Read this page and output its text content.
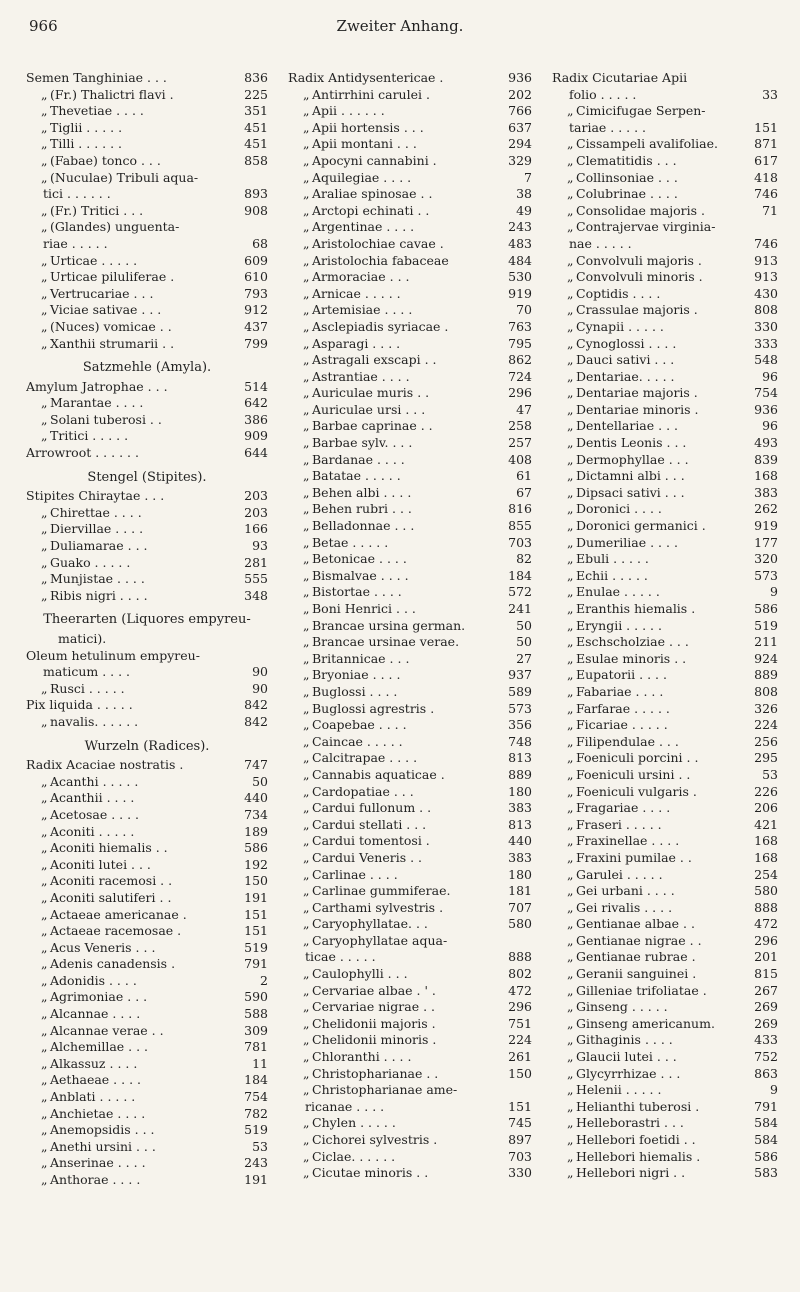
966	Zweiter Anhang.
Semen Tanghiniae . . .	836
„ (Fr.) Thalictri flavi .	225
„ Thevetiae . . . .	351
„ Tiglii . . . . .	451
„ Tilli . . . . . .	451
„ (Fabae) tonco . . .	858
„ (Nuculae) Tribuli aqua-
tici . . . . . .	893
„ (Fr.) Tritici . . .	908
„ (Glandes) unguenta-
riae . . . . .	68
„ Urticae . . . . .	609
„ Urticae piluliferae .	610
„ Vertrucariae . . .	793
„ Viciae sativae . . .	912
„ (Nuces) vomicae . .	437
„ Xanthii strumarii . .	799
Satzmehle (Amyla).
Amylum Jatrophae . . .	514
„ Marantae . . . .	642
„ Solani tuberosi . .	386
„ Tritici . . . . .	909
Arrowroot . . . . . .	644
Stengel (Stipites).
Stipites Chiraytae . . .	203
„ Chirettae . . . .	203
„ Diervillae . . . .	166
„ Duliamarae . . .	93
„ Guako . . . . .	281
„ Munjistae . . . .	555
„ Ribis nigri . . . .	348
Theerarten (Liquores empyreu-
matici).
Oleum hetulinum empyreu-
maticum . . . .	90
„ Rusci . . . . .	90
Pix liquida . . . . .	842
„ navalis. . . . . .	842
Wurzeln (Radices).
Radix Acaciae nostratis .	747
„ Acanthi . . . . .	50
„ Acanthii . . . .	440
„ Acetosae . . . .	734
„ Aconiti . . . . .	189
„ Aconiti hiemalis . .	586
„ Aconiti lutei . . .	192
„ Aconiti racemosi . .	150
„ Aconiti salutiferi . .	191
„ Actaeae americanae .	151
„ Actaeae racemosae .	151
„ Acus Veneris . . .	519
„ Adenis canadensis .	791
„ Adonidis . . . .	2
„ Agrimoniae . . .	590
„ Alcannae . . . .	588
„ Alcannae verae . .	309
„ Alchemillae . . .	781
„ Alkassuz . . . .	11
„ Aethaeae . . . .	184
„ Anblati . . . . .	754
„ Anchietae . . . .	782
„ Anemopsidis . . .	519
„ Anethi ursini . . .	53
„ Anserinae . . . .	243
„ Anthorae . . . .	191
Radix Antidysentericae .	936
„ Antirrhini carulei .	202
„ Apii . . . . . .	766
„ Apii hortensis . . .	637
„ Apii montani . . .	294
„ Apocyni cannabini .	329
„ Aquilegiae . . . .	7
„ Araliae spinosae . .	38
„ Arctopi echinati . .	49
„ Argentinae . . . .	243
„ Aristolochiae cavae .	483
„ Aristolochia fabaceae	484
„ Armoraciae . . .	530
„ Arnicae . . . . .	919
„ Artemisiae . . . .	70
„ Asclepiadis syriacae .	763
„ Asparagi . . . .	795
„ Astragali exscapi . .	862
„ Astrantiae . . . .	724
„ Auriculae muris . .	296
„ Auriculae ursi . . .	47
„ Barbae caprinae . .	258
„ Barbae sylv. . . .	257
„ Bardanae . . . .	408
„ Batatae . . . . .	61
„ Behen albi . . . .	67
„ Behen rubri . . .	816
„ Belladonnae . . .	855
„ Betae . . . . .	703
„ Betonicae . . . .	82
„ Bismalvae . . . .	184
„ Bistortae . . . .	572
„ Boni Henrici . . .	241
„ Brancae ursina german.	50
„ Brancae ursinae verae.	50
„ Britannicae . . .	27
„ Bryoniae . . . .	937
„ Buglossi . . . .	589
„ Buglossi agrestris .	573
„ Coapebae . . . .	356
„ Caincae . . . . .	748
„ Calcitrapae . . . .	813
„ Cannabis aquaticae .	889
„ Cardopatiae . . .	180
„ Cardui fullonum . .	383
„ Cardui stellati . . .	813
„ Cardui tomentosi .	440
„ Cardui Veneris . .	383
„ Carlinae . . . .	180
„ Carlinae gummiferae.	181
„ Carthami sylvestris .	707
„ Caryophyllatae. . .	580
„ Caryophyllatae aqua-
ticae . . . . .	888
„ Caulophylli . . .	802
„ Cervariae albae . ' .	472
„ Cervariae nigrae . .	296
„ Chelidonii majoris .	751
„ Chelidonii minoris .	224
„ Chloranthi . . . .	261
„ Christopharianae . .	150
„ Christopharianae ame-
ricanae . . . .	151
„ Chylen . . . . .	745
„ Cichorei sylvestris .	897
„ Ciclae. . . . . .	703
„ Cicutae minoris . .	330
Radix Cicutariae Apii
folio . . . . .	33
„ Cimicifugae Serpen-
tariae . . . . .	151
„ Cissampeli avalifoliae.	871
„ Clematitidis . . .	617
„ Collinsoniae . . .	418
„ Colubrinae . . . .	746
„ Consolidae majoris .	71
„ Contrajervae virginia-
nae . . . . .	746
„ Convolvuli majoris .	913
„ Convolvuli minoris .	913
„ Coptidis . . . .	430
„ Crassulae majoris .	808
„ Cynapii . . . . .	330
„ Cynoglossi . . . .	333
„ Dauci sativi . . .	548
„ Dentariae. . . . .	96
„ Dentariae majoris .	754
„ Dentariae minoris .	936
„ Dentellariae . . .	96
„ Dentis Leonis . . .	493
„ Dermophyllae . . .	839
„ Dictamni albi . . .	168
„ Dipsaci sativi . . .	383
„ Doronici . . . .	262
„ Doronici germanici .	919
„ Dumeriliae . . . .	177
„ Ebuli . . . . .	320
„ Echii . . . . .	573
„ Enulae . . . . .	9
„ Eranthis hiemalis .	586
„ Eryngii . . . . .	519
„ Eschscholziae . . .	211
„ Esulae minoris . .	924
„ Eupatorii . . . .	889
„ Fabariae . . . .	808
„ Farfarae . . . . .	326
„ Ficariae . . . . .	224
„ Filipendulae . . .	256
„ Foeniculi porcini . .	295
„ Foeniculi ursini . .	53
„ Foeniculi vulgaris .	226
„ Fragariae . . . .	206
„ Fraseri . . . . .	421
„ Fraxinellae . . . .	168
„ Fraxini pumilae . .	168
„ Garulei . . . . .	254
„ Gei urbani . . . .	580
„ Gei rivalis . . . .	888
„ Gentianae albae . .	472
„ Gentianae nigrae . .	296
„ Gentianae rubrae .	201
„ Geranii sanguinei .	815
„ Gilleniae trifoliatae .	267
„ Ginseng . . . . .	269
„ Ginseng americanum.	269
„ Githaginis . . . .	433
„ Glaucii lutei . . .	752
„ Glycyrrhizae . . .	863
„ Helenii . . . . .	9
„ Helianthi tuberosi .	791
„ Helleborastri . . .	584
„ Hellebori foetidi . .	584
„ Hellebori hiemalis .	586
„ Hellebori nigri . .	583
